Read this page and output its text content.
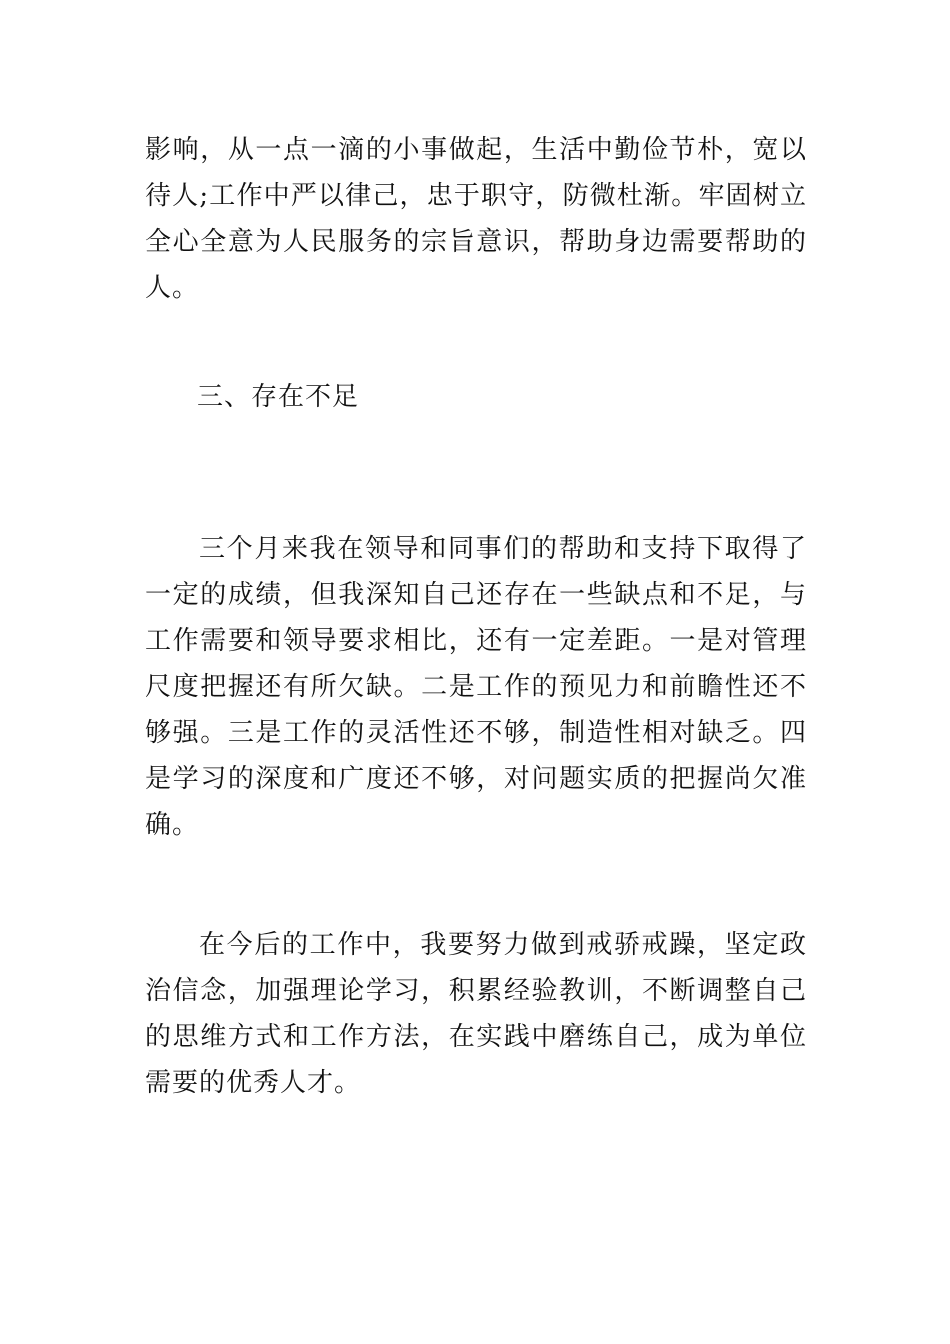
影响，从一点一滴的小事做起，生活中勤俭节朴，宽以待人;工作中严以律己，忠于职守，防微杜渐。牢固树立全心全意为人民服务的宗旨意识，帮助身边需要帮助的人。

三、存在不足

三个月来我在领导和同事们的帮助和支持下取得了一定的成绩，但我深知自己还存在一些缺点和不足，与工作需要和领导要求相比，还有一定差距。一是对管理尺度把握还有所欠缺。二是工作的预见力和前瞻性还不够强。三是工作的灵活性还不够，制造性相对缺乏。四是学习的深度和广度还不够，对问题实质的把握尚欠准确。

在今后的工作中，我要努力做到戒骄戒躁，坚定政治信念，加强理论学习，积累经验教训，不断调整自己的思维方式和工作方法，在实践中磨练自己，成为单位需要的优秀人才。
